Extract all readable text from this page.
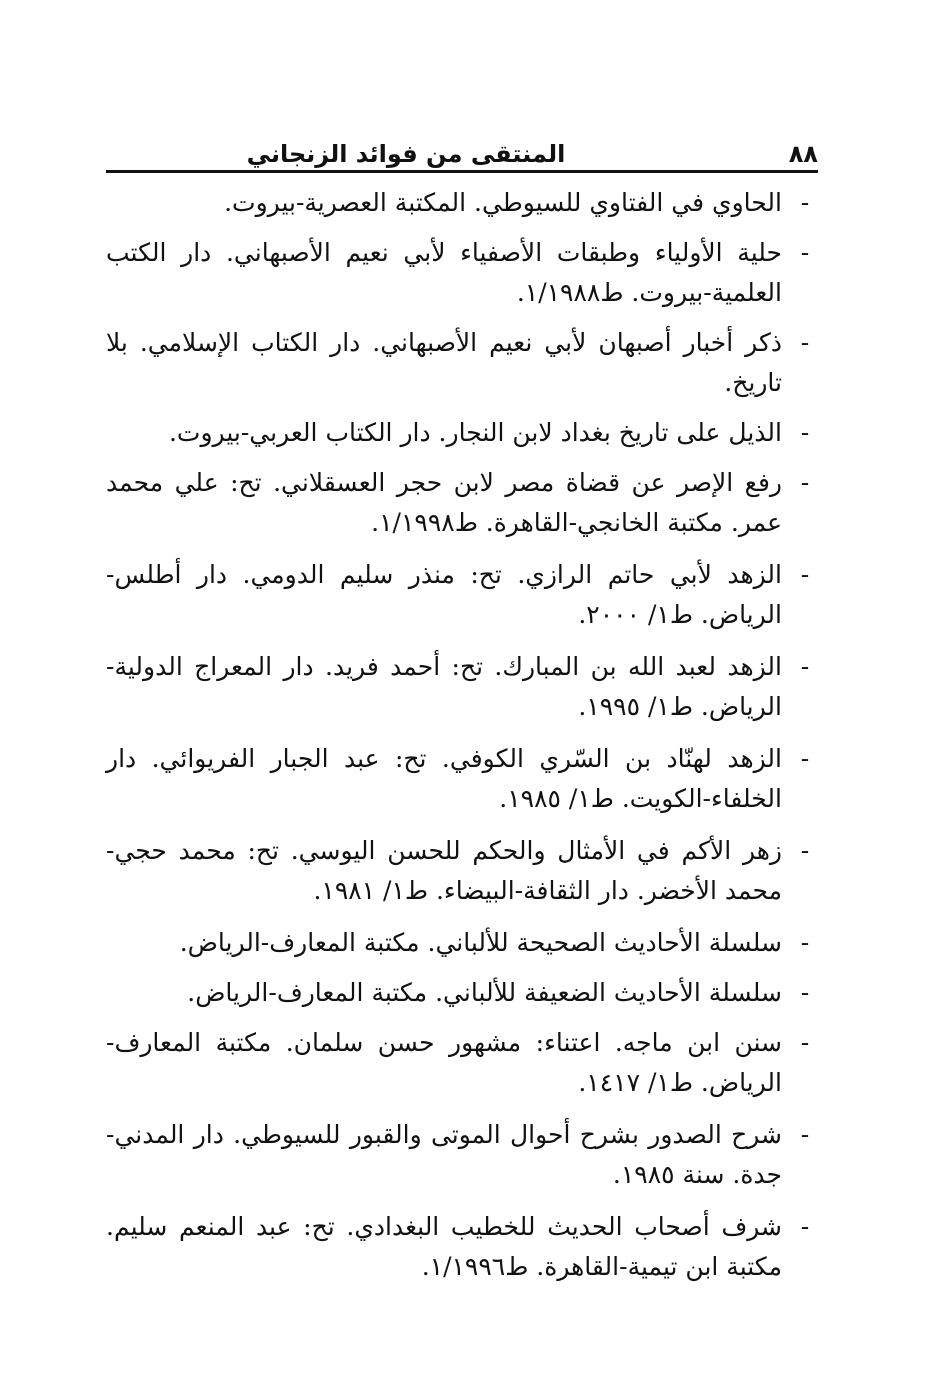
٨٨
المنتقى من فوائد الزنجاني
-
الحاوي في الفتاوي للسيوطي. المكتبة العصرية-بيروت.
-
حلية الأولياء وطبقات الأصفياء لأبي نعيم الأصبهاني. دار الكتب العلمية-بيروت. ط١/١٩٨٨.
-
ذكر أخبار أصبهان لأبي نعيم الأصبهاني. دار الكتاب الإسلامي. بلا تاريخ.
-
الذيل على تاريخ بغداد لابن النجار. دار الكتاب العربي-بيروت.
-
رفع الإصر عن قضاة مصر لابن حجر العسقلاني. تح: علي محمد عمر. مكتبة الخانجي-القاهرة. ط١/١٩٩٨.
-
الزهد لأبي حاتم الرازي. تح: منذر سليم الدومي. دار أطلس-الرياض. ط١/ ٢٠٠٠.
-
الزهد لعبد الله بن المبارك. تح: أحمد فريد. دار المعراج الدولية-الرياض. ط١/ ١٩٩٥.
-
الزهد لهنّاد بن السّري الكوفي. تح: عبد الجبار الفريوائي. دار الخلفاء-الكويت. ط١/ ١٩٨٥.
-
زهر الأكم في الأمثال والحكم للحسن اليوسي. تح: محمد حجي-محمد الأخضر. دار الثقافة-البيضاء. ط١/ ١٩٨١.
-
سلسلة الأحاديث الصحيحة للألباني. مكتبة المعارف-الرياض.
-
سلسلة الأحاديث الضعيفة للألباني. مكتبة المعارف-الرياض.
-
سنن ابن ماجه. اعتناء: مشهور حسن سلمان. مكتبة المعارف-الرياض. ط١/ ١٤١٧.
-
شرح الصدور بشرح أحوال الموتى والقبور للسيوطي. دار المدني-جدة. سنة ١٩٨٥.
-
شرف أصحاب الحديث للخطيب البغدادي. تح: عبد المنعم سليم. مكتبة ابن تيمية-القاهرة. ط١/١٩٩٦.
